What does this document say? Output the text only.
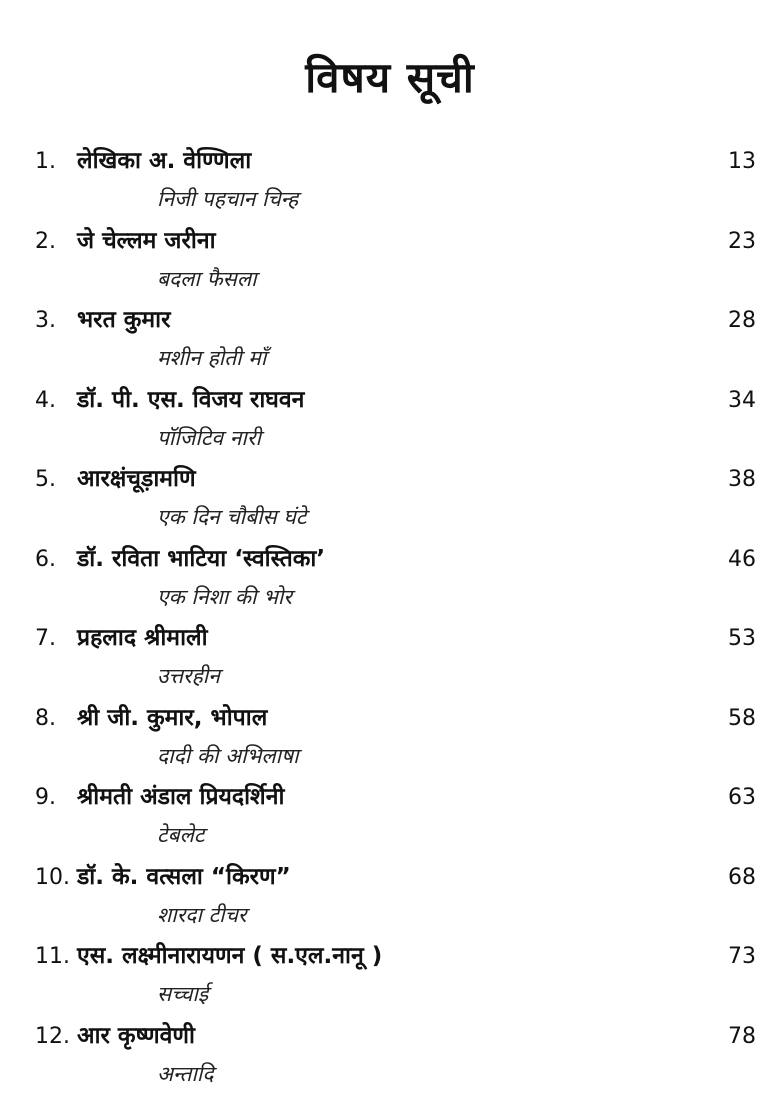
विषय सूची
1. लेखिका अ. वेण्णिला	13
निजी पहचान चिन्ह
2. जे चेल्लम जरीना	23
बदला फैसला
3. भरत कुमार	28
मशीन होती माँ
4. डॉ. पी. एस. विजय राघवन	34
पॉजिटिव नारी
5. आरक्षंचूड़ामणि	38
एक दिन चौबीस घंटे
6. डॉ. रविता भाटिया ‘स्वस्तिका’	46
एक निशा की भोर
7. प्रहलाद श्रीमाली	53
उत्तरहीन
8. श्री जी. कुमार, भोपाल	58
दादी की अभिलाषा
9. श्रीमती अंडाल प्रियदर्शिनी	63
टेबलेट
10. डॉ. के. वत्सला “किरण”	68
शारदा टीचर
11. एस. लक्ष्मीनारायणन ( स.एल.नानू )	73
सच्चाई
12. आर कृष्णवेणी	78
अन्तादि
